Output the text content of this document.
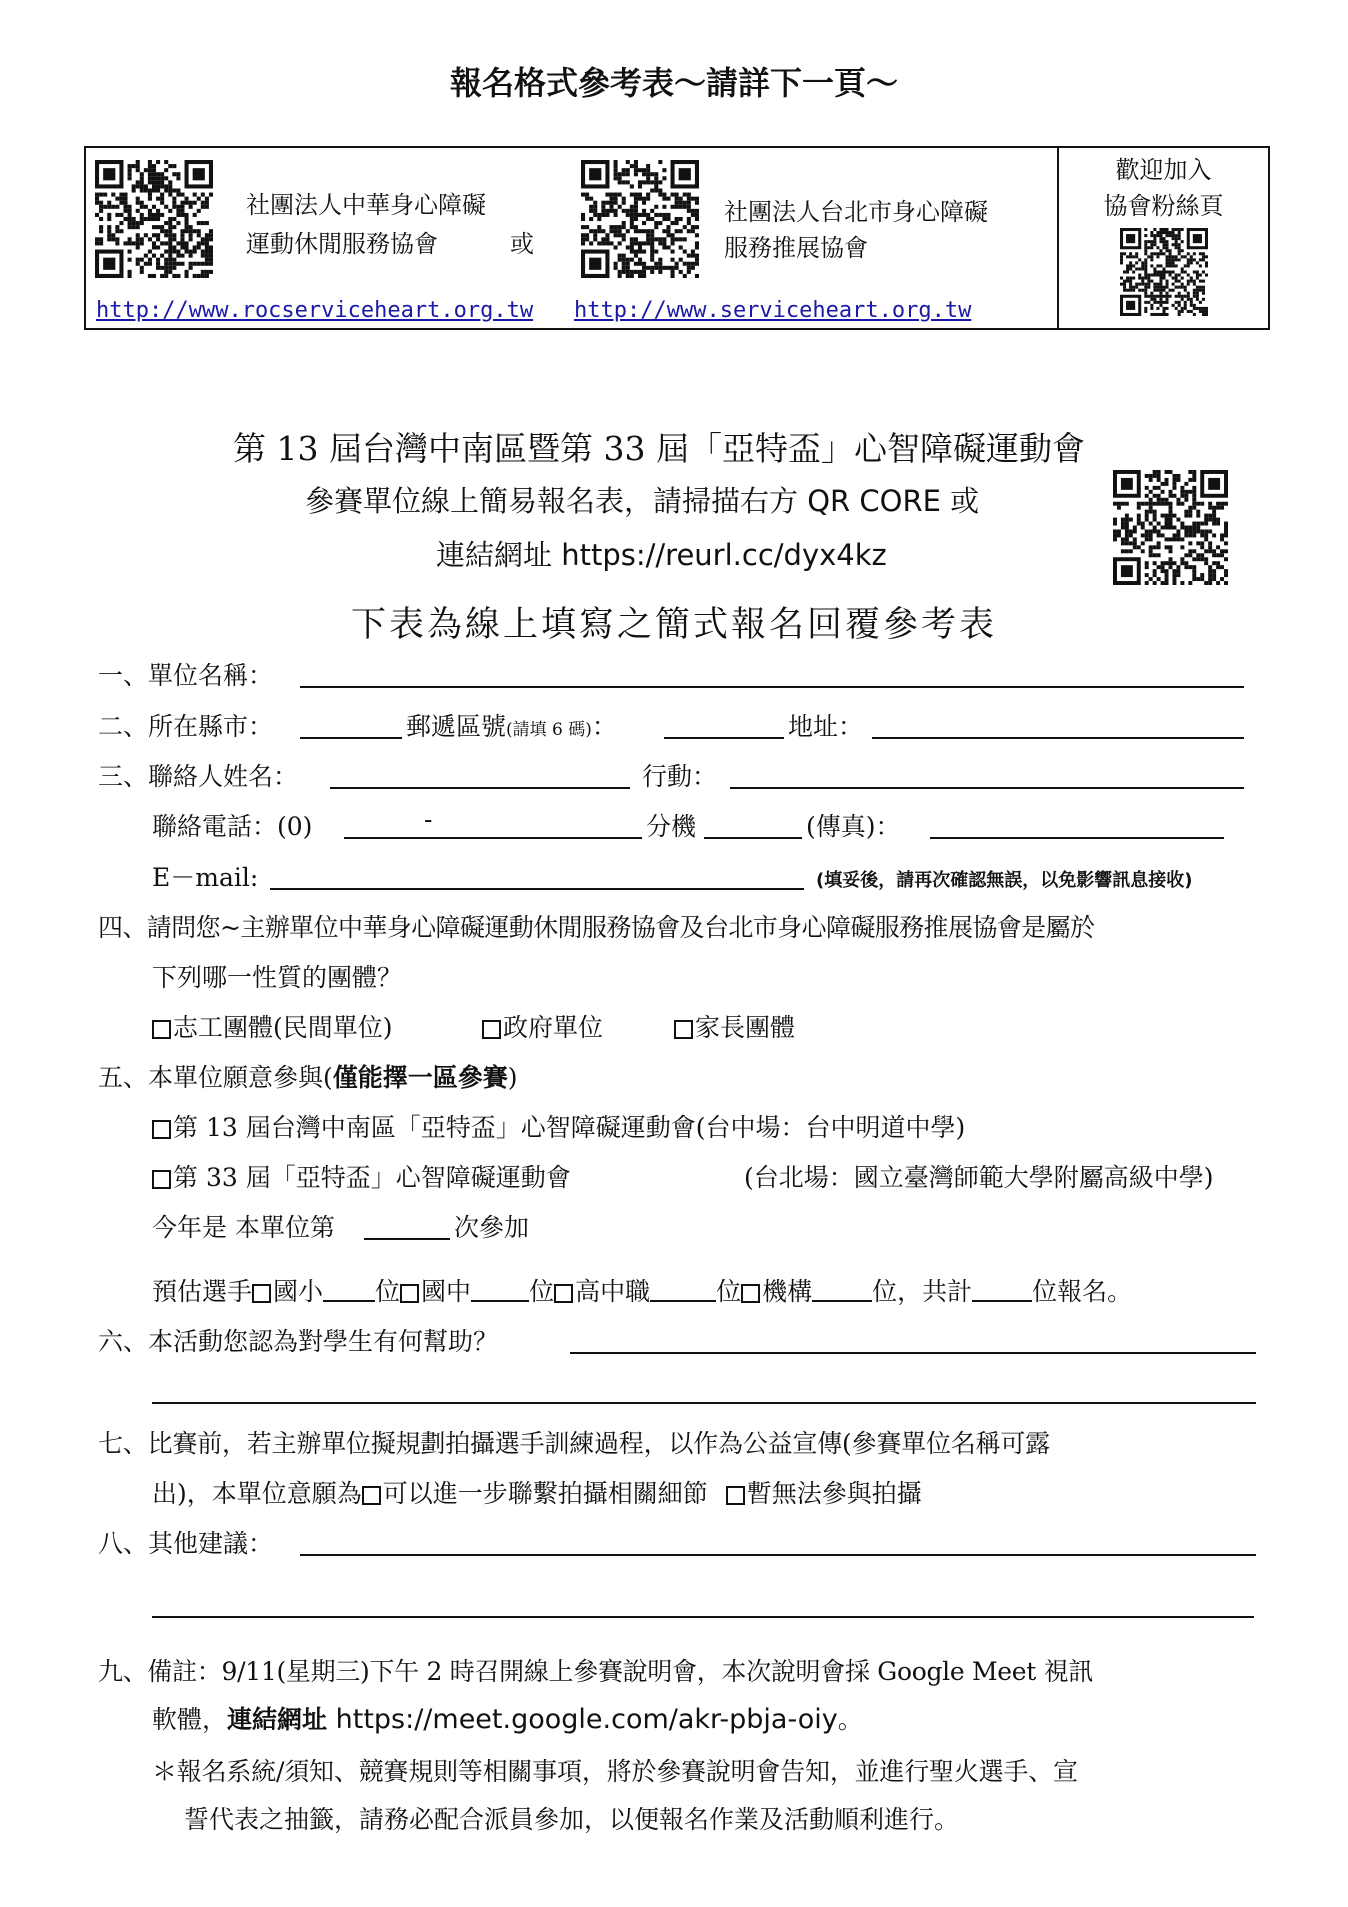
報名格式參考表～請詳下一頁～
社團法人中華身心障礙
運動休閒服務協會	或
社團法人台北市身心障礙
服務推展協會
http://www.rocserviceheart.org.tw http://www.serviceheart.org.tw
歡迎加入
協會粉絲頁
第 13 屆台灣中南區暨第 33 屆「亞特盃」心智障礙運動會
參賽單位線上簡易報名表，請掃描右方 QR CORE 或
連結網址 https://reurl.cc/dyx4kz
下表為線上填寫之簡式報名回覆參考表
一、單位名稱：
二、所在縣市：	郵遞區號(請填 6 碼)：	地址：
三、聯絡人姓名：	行動：
聯絡電話：(0)	-	分機	(傳真)：
E－mail:	(填妥後，請再次確認無誤，以免影響訊息接收)
四、請問您~主辦單位中華身心障礙運動休閒服務協會及台北市身心障礙服務推展協會是屬於
下列哪一性質的團體？
志工團體(民間單位)	政府單位	家長團體
五、本單位願意參與(僅能擇一區參賽)
第 13 屆台灣中南區「亞特盃」心智障礙運動會(台中場：台中明道中學)
第 33 屆「亞特盃」心智障礙運動會	(台北場：國立臺灣師範大學附屬高級中學)
今年是 本單位第	次參加
預估選手 國小 位 國中 位 高中職	位 機構 位，共計 位報名。
六、本活動您認為對學生有何幫助？
七、比賽前，若主辦單位擬規劃拍攝選手訓練過程，以作為公益宣傳(參賽單位名稱可露
出)，本單位意願為 可以進一步聯繫拍攝相關細節 暫無法參與拍攝
八、其他建議：
九、備註：9/11(星期三)下午 2 時召開線上參賽說明會，本次說明會採 Google Meet 視訊
軟體，連結網址 https://meet.google.com/akr-pbja-oiy。
＊報名系統/須知、競賽規則等相關事項，將於參賽說明會告知，並進行聖火選手、宣
誓代表之抽籤，請務必配合派員參加，以便報名作業及活動順利進行。
